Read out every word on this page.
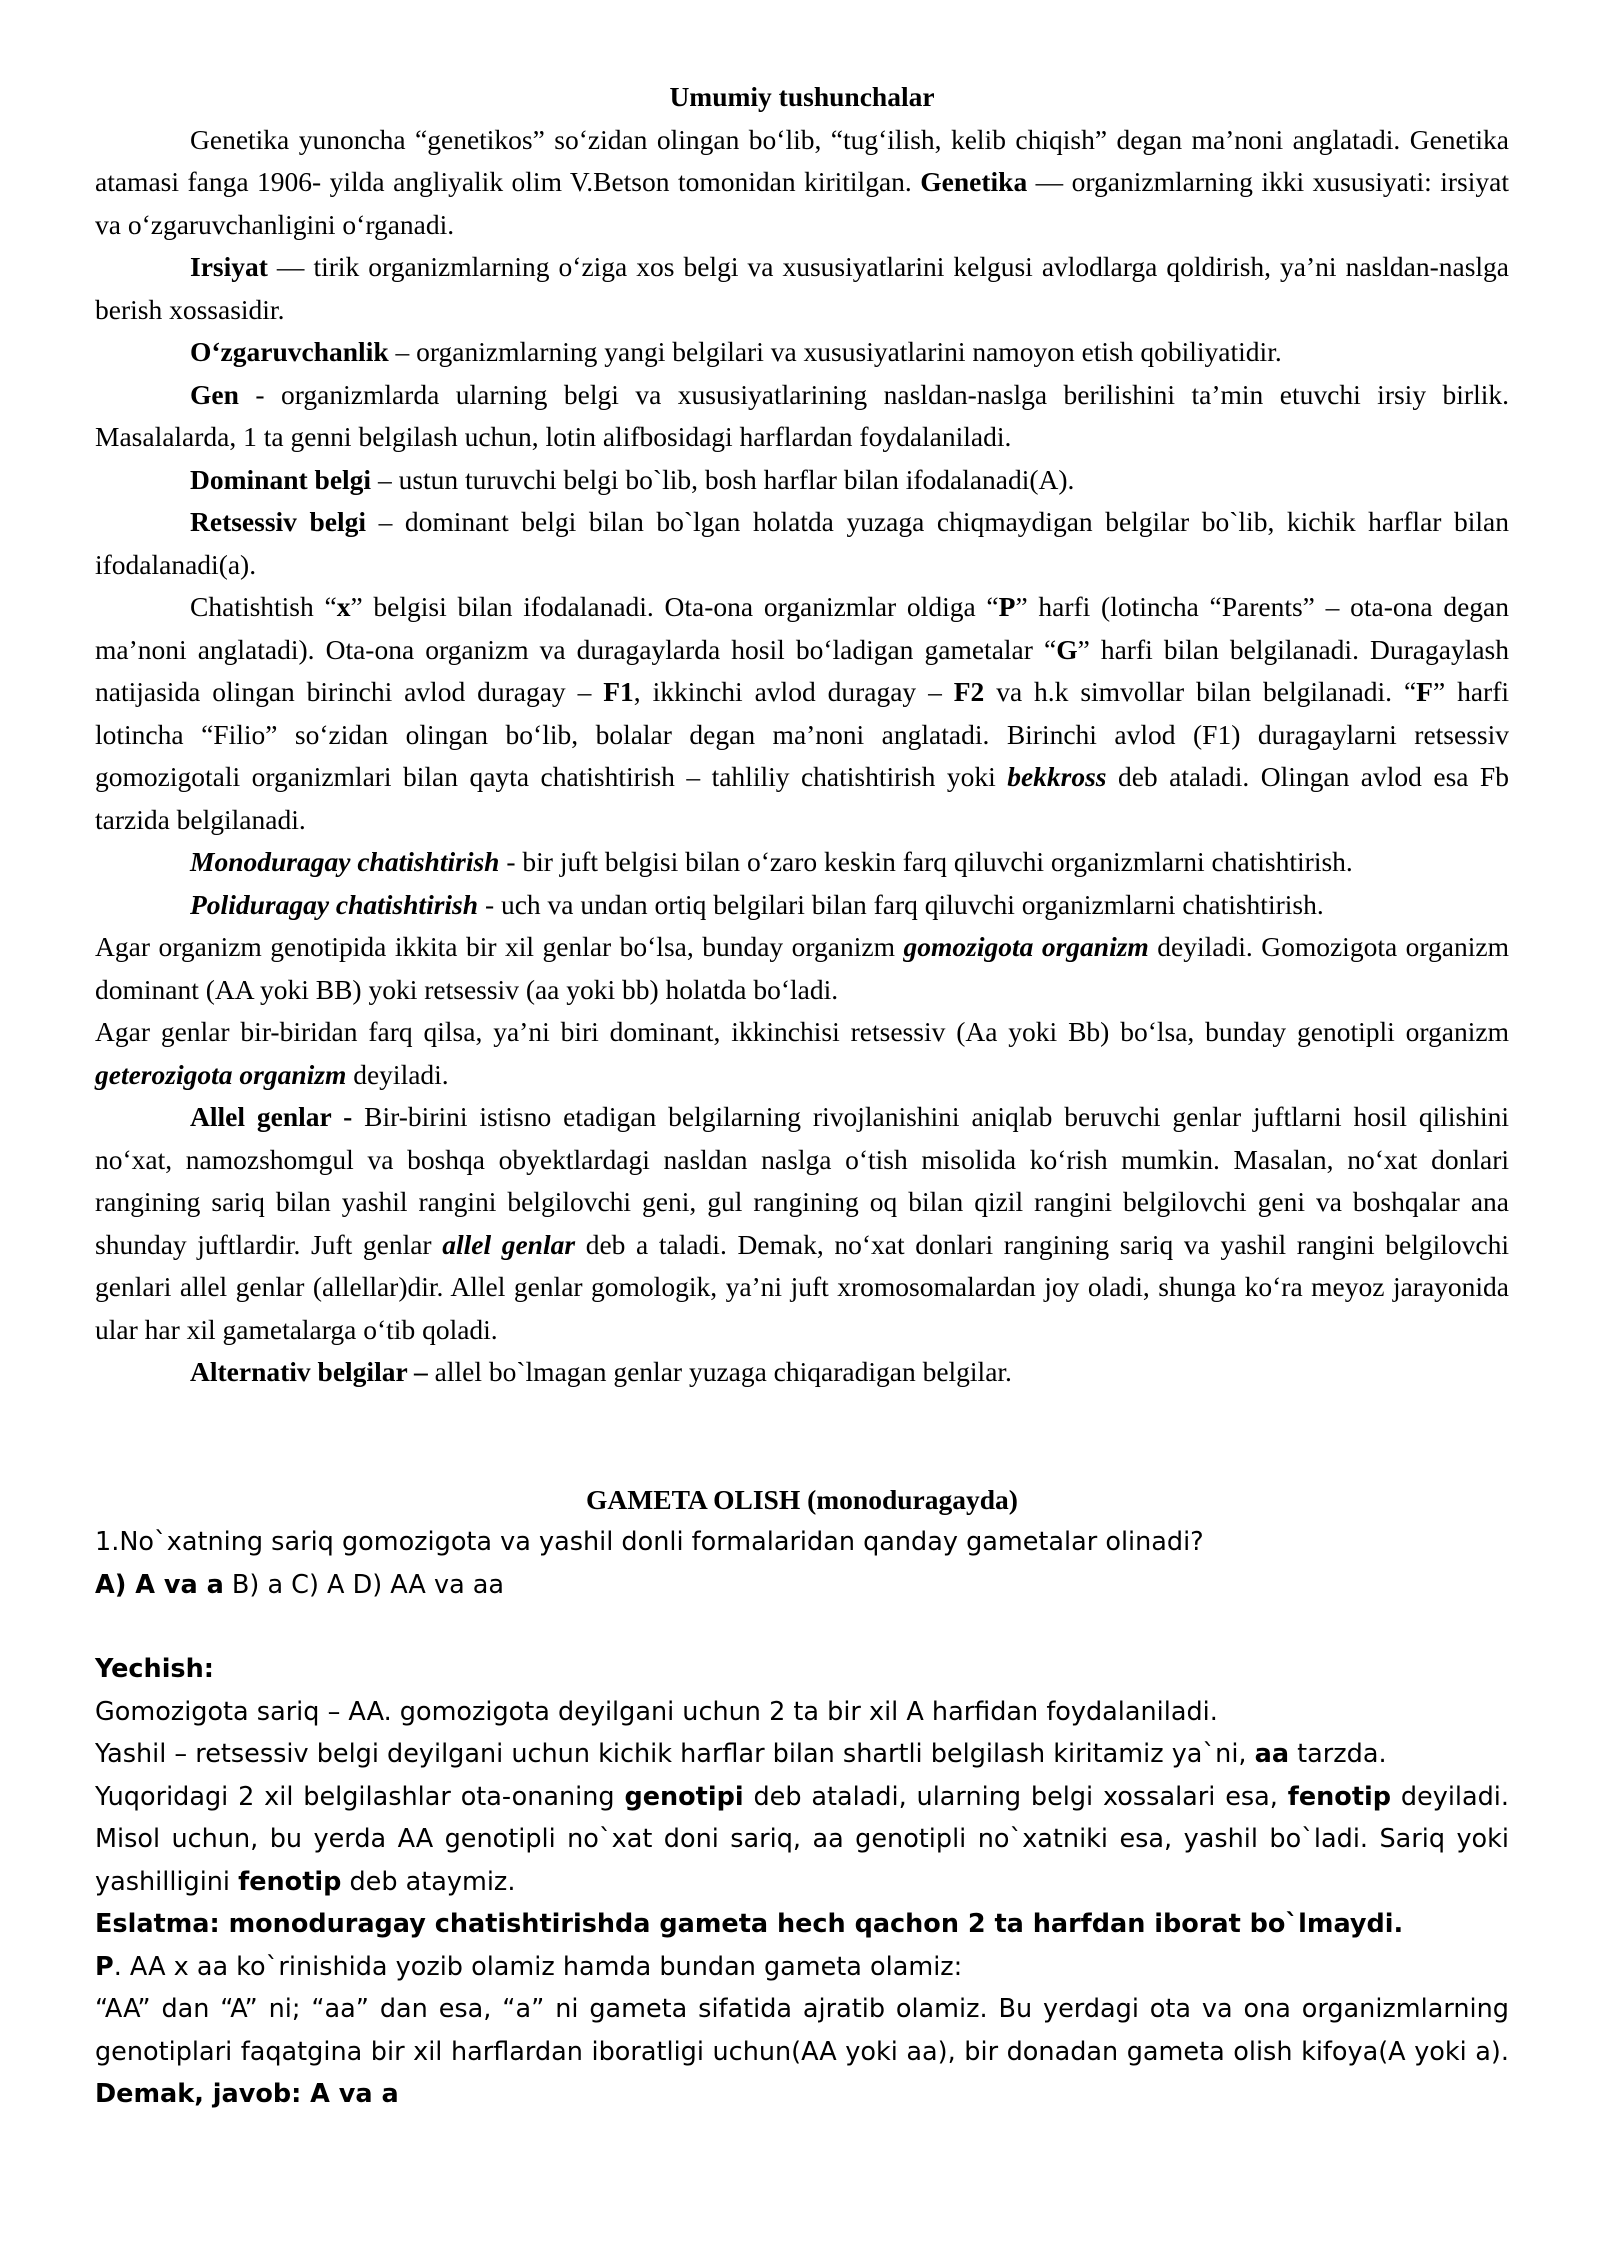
Umumiy tushunchalar

Genetika yunoncha “genetikos” so‘zidan olingan bo‘lib, “tug‘ilish, kelib chiqish” degan ma’noni anglatadi. Genetika atamasi fanga 1906- yilda angliyalik olim V.Betson tomonidan kiritilgan. Genetika — organizmlarning ikki xususiyati: irsiyat va o‘zgaruvchanligini o‘rganadi.

Irsiyat — tirik organizmlarning o‘ziga xos belgi va xususiyatlarini kelgusi avlodlarga qoldirish, ya’ni nasldan-naslga berish xossasidir.

O‘zgaruvchanlik – organizmlarning yangi belgilari va xususiyatlarini namoyon etish qobiliyatidir.

Gen - organizmlarda ularning belgi va xususiyatlarining nasldan-naslga berilishini ta’min etuvchi irsiy birlik. Masalalarda, 1 ta genni belgilash uchun, lotin alifbosidagi harflardan foydalaniladi.

Dominant belgi – ustun turuvchi belgi bo`lib, bosh harflar bilan ifodalanadi(A).

Retsessiv belgi – dominant belgi bilan bo`lgan holatda yuzaga chiqmaydigan belgilar bo`lib, kichik harflar bilan ifodalanadi(a).

Chatishtish “x” belgisi bilan ifodalanadi. Ota-ona organizmlar oldiga “P” harfi (lotincha “Parents” – ota-ona degan ma’noni anglatadi). Ota-ona organizm va duragaylarda hosil bo‘ladigan gametalar “G” harfi bilan belgilanadi. Duragaylash natijasida olingan birinchi avlod duragay – F1, ikkinchi avlod duragay – F2 va h.k simvollar bilan belgilanadi. “F” harfi lotincha “Filio” so‘zidan olingan bo‘lib, bolalar degan ma’noni anglatadi. Birinchi avlod (F1) duragaylarni retsessiv gomozigotali organizmlari bilan qayta chatishtirish – tahliliy chatishtirish yoki bekkross deb ataladi. Olingan avlod esa Fb tarzida belgilanadi.

Monoduragay chatishtirish - bir juft belgisi bilan o‘zaro keskin farq qiluvchi organizmlarni chatishtirish.

Poliduragay chatishtirish - uch va undan ortiq belgilari bilan farq qiluvchi organizmlarni chatishtirish.

Agar organizm genotipida ikkita bir xil genlar bo‘lsa, bunday organizm gomozigota organizm deyiladi. Gomozigota organizm dominant (AA yoki BB) yoki retsessiv (aa yoki bb) holatda bo‘ladi.

Agar genlar bir-biridan farq qilsa, ya’ni biri dominant, ikkinchisi retsessiv (Aa yoki Bb) bo‘lsa, bunday genotipli organizm geterozigota organizm deyiladi.

Allel genlar - Bir-birini istisno etadigan belgilarning rivojlanishini aniqlab beruvchi genlar juftlarni hosil qilishini no‘xat, namozshomgul va boshqa obyektlardagi nasldan naslga o‘tish misolida ko‘rish mumkin. Masalan, no‘xat donlari rangining sariq bilan yashil rangini belgilovchi geni, gul rangining oq bilan qizil rangini belgilovchi geni va boshqalar ana shunday juftlardir. Juft genlar allel genlar deb a taladi. Demak, no‘xat donlari rangining sariq va yashil rangini belgilovchi genlari allel genlar (allellar)dir. Allel genlar gomologik, ya’ni juft xromosomalardan joy oladi, shunga ko‘ra meyoz jarayonida ular har xil gametalarga o‘tib qoladi.

Alternativ belgilar – allel bo`lmagan genlar yuzaga chiqaradigan belgilar.

GAMETA OLISH (monoduragayda)

1.No`xatning sariq gomozigota va yashil donli formalaridan qanday gametalar olinadi?
A) A va a B) a C) A D) AA va aa
Yechish:
Gomozigota sariq – AA. gomozigota deyilgani uchun 2 ta bir xil A harfidan foydalaniladi.
Yashil – retsessiv belgi deyilgani uchun kichik harflar bilan shartli belgilash kiritamiz ya`ni, aa tarzda.
Yuqoridagi 2 xil belgilashlar ota-onaning genotipi deb ataladi, ularning belgi xossalari esa, fenotip deyiladi. Misol uchun, bu yerda AA genotipli no`xat doni sariq, aa genotipli no`xatniki esa, yashil bo`ladi. Sariq yoki yashilligini fenotip deb ataymiz.
Eslatma: monoduragay chatishtirishda gameta hech qachon 2 ta harfdan iborat bo`lmaydi.
P. AA x aa ko`rinishida yozib olamiz hamda bundan gameta olamiz:
“AA” dan “A” ni; “aa” dan esa, “a” ni gameta sifatida ajratib olamiz. Bu yerdagi ota va ona organizmlarning genotiplari faqatgina bir xil harflardan iboratligi uchun(AA yoki aa), bir donadan gameta olish kifoya(A yoki a). Demak, javob: A va a
